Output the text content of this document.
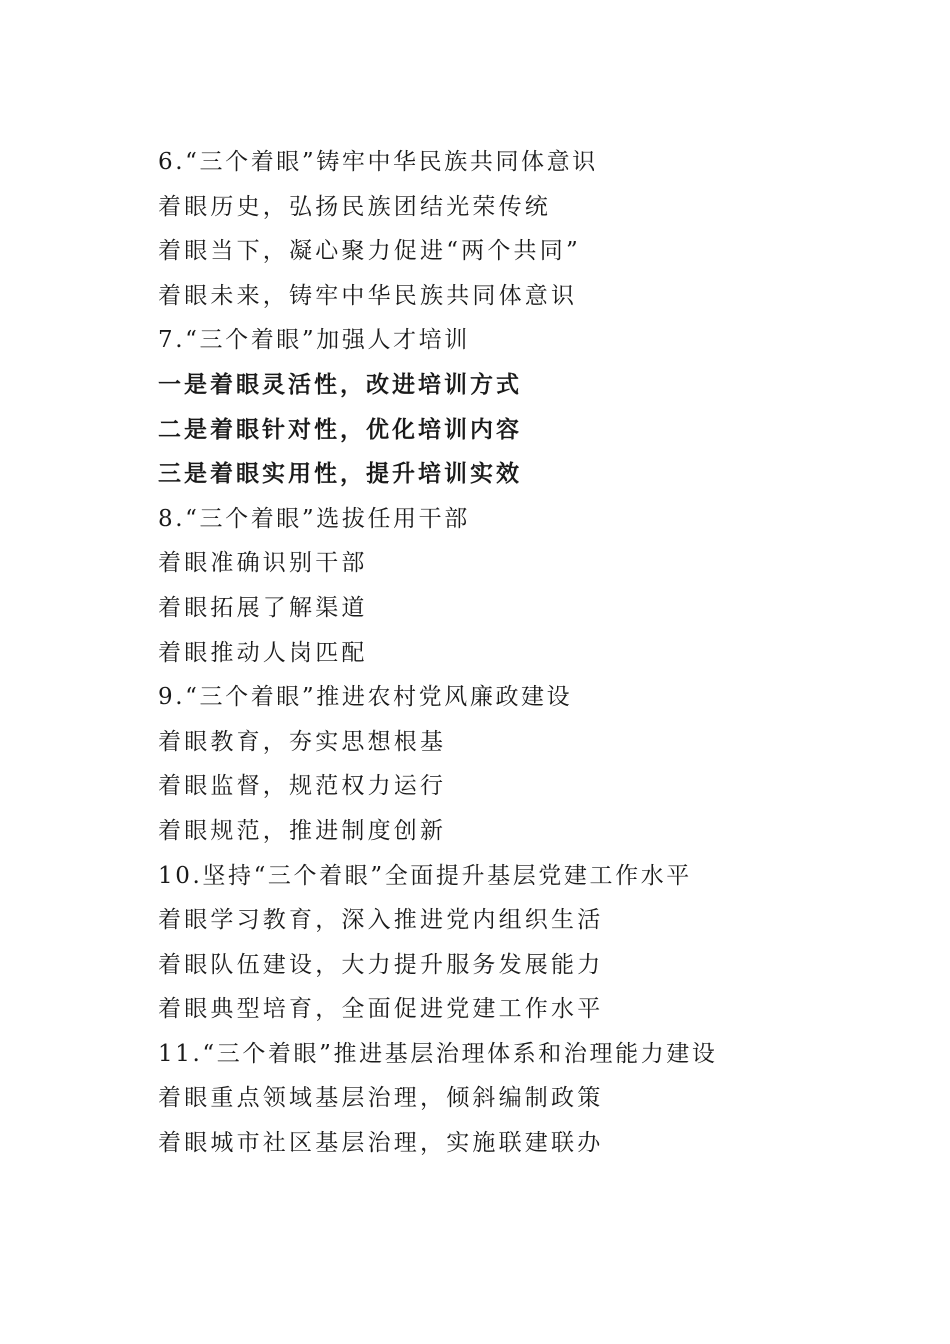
6.“三个着眼”铸牢中华民族共同体意识
着眼历史，弘扬民族团结光荣传统
着眼当下，凝心聚力促进“两个共同”
着眼未来，铸牢中华民族共同体意识
7.“三个着眼”加强人才培训
一是着眼灵活性，改进培训方式
二是着眼针对性，优化培训内容
三是着眼实用性，提升培训实效
8.“三个着眼”选拔任用干部
着眼准确识别干部
着眼拓展了解渠道
着眼推动人岗匹配
9.“三个着眼”推进农村党风廉政建设
着眼教育，夯实思想根基
着眼监督，规范权力运行
着眼规范，推进制度创新
10.坚持“三个着眼”全面提升基层党建工作水平
着眼学习教育，深入推进党内组织生活
着眼队伍建设，大力提升服务发展能力
着眼典型培育，全面促进党建工作水平
11.“三个着眼”推进基层治理体系和治理能力建设
着眼重点领域基层治理，倾斜编制政策
着眼城市社区基层治理，实施联建联办
